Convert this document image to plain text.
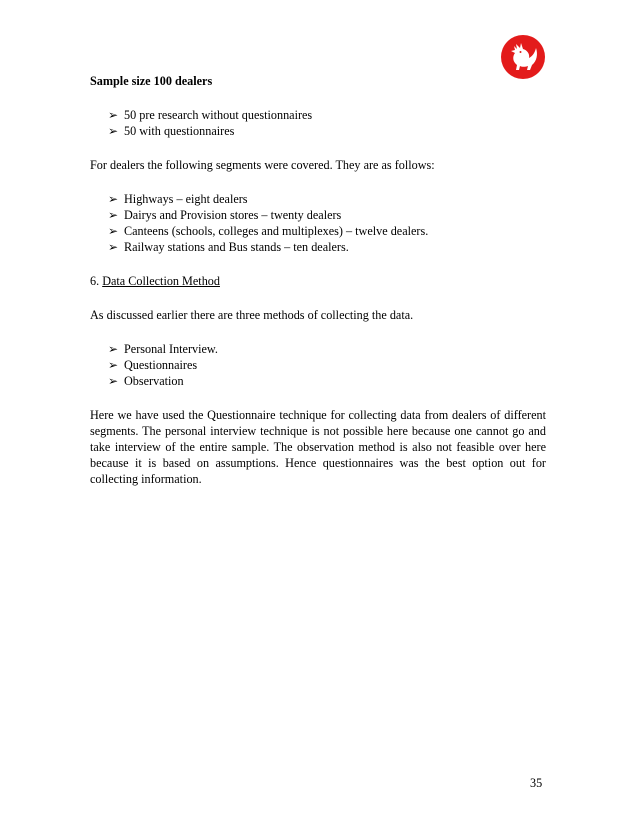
Sample size 100 dealers

➢ 50 pre research without questionnaires
➢ 50 with questionnaires

For dealers the following segments were covered. They are as follows:

➢ Highways – eight dealers
➢ Dairys and Provision stores – twenty dealers
➢ Canteens (schools, colleges and multiplexes) – twelve dealers.
➢ Railway stations and Bus stands – ten dealers.

6. Data Collection Method

As discussed earlier there are three methods of collecting the data.

➢ Personal Interview.
➢ Questionnaires
➢ Observation

Here we have used the Questionnaire technique for collecting data from dealers of different segments. The personal interview technique is not possible here because one cannot go and take interview of the entire sample. The observation method is also not feasible over here because it is based on assumptions. Hence questionnaires was the best option out for collecting information.

35
